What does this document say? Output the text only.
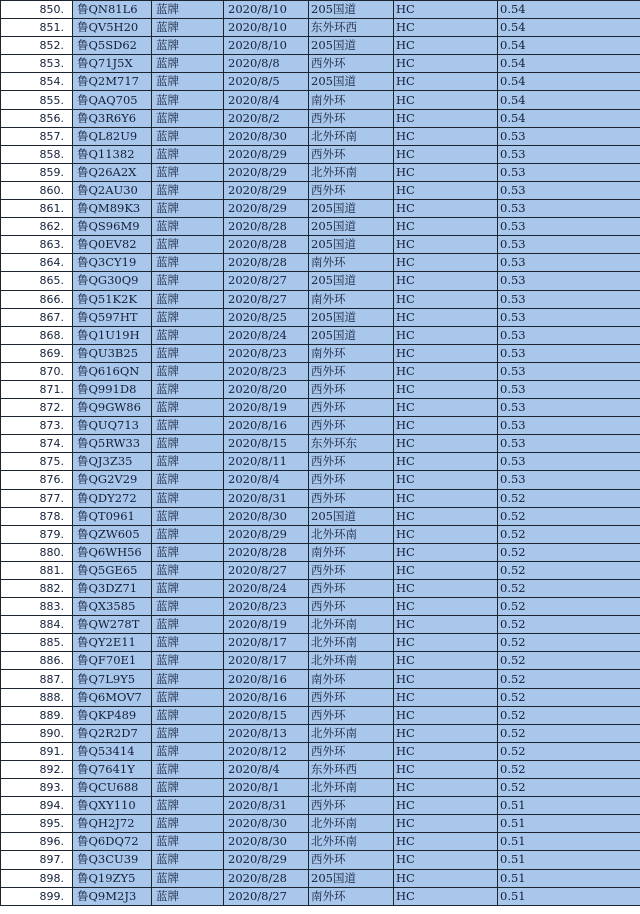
850.	鲁QN81L6	蓝牌	2020/8/10	205国道	HC	0.54
851.	鲁QV5H20	蓝牌	2020/8/10	东外环西	HC	0.54
852.	鲁Q5SD62	蓝牌	2020/8/10	205国道	HC	0.54
853.	鲁Q71J5X	蓝牌	2020/8/8	西外环	HC	0.54
854.	鲁Q2M717	蓝牌	2020/8/5	205国道	HC	0.54
855.	鲁QAQ705	蓝牌	2020/8/4	南外环	HC	0.54
856.	鲁Q3R6Y6	蓝牌	2020/8/2	西外环	HC	0.54
857.	鲁QL82U9	蓝牌	2020/8/30	北外环南	HC	0.53
858.	鲁Q11382	蓝牌	2020/8/29	西外环	HC	0.53
859.	鲁Q26A2X	蓝牌	2020/8/29	北外环南	HC	0.53
860.	鲁Q2AU30	蓝牌	2020/8/29	西外环	HC	0.53
861.	鲁QM89K3	蓝牌	2020/8/29	205国道	HC	0.53
862.	鲁QS96M9	蓝牌	2020/8/28	205国道	HC	0.53
863.	鲁Q0EV82	蓝牌	2020/8/28	205国道	HC	0.53
864.	鲁Q3CY19	蓝牌	2020/8/28	南外环	HC	0.53
865.	鲁QG30Q9	蓝牌	2020/8/27	205国道	HC	0.53
866.	鲁Q51K2K	蓝牌	2020/8/27	南外环	HC	0.53
867.	鲁Q597HT	蓝牌	2020/8/25	205国道	HC	0.53
868.	鲁Q1U19H	蓝牌	2020/8/24	205国道	HC	0.53
869.	鲁QU3B25	蓝牌	2020/8/23	南外环	HC	0.53
870.	鲁Q616QN	蓝牌	2020/8/23	西外环	HC	0.53
871.	鲁Q991D8	蓝牌	2020/8/20	西外环	HC	0.53
872.	鲁Q9GW86	蓝牌	2020/8/19	西外环	HC	0.53
873.	鲁QUQ713	蓝牌	2020/8/16	西外环	HC	0.53
874.	鲁Q5RW33	蓝牌	2020/8/15	东外环东	HC	0.53
875.	鲁QJ3Z35	蓝牌	2020/8/11	西外环	HC	0.53
876.	鲁QG2V29	蓝牌	2020/8/4	西外环	HC	0.53
877.	鲁QDY272	蓝牌	2020/8/31	西外环	HC	0.52
878.	鲁QT0961	蓝牌	2020/8/30	205国道	HC	0.52
879.	鲁QZW605	蓝牌	2020/8/29	北外环南	HC	0.52
880.	鲁Q6WH56	蓝牌	2020/8/28	南外环	HC	0.52
881.	鲁Q5GE65	蓝牌	2020/8/27	西外环	HC	0.52
882.	鲁Q3DZ71	蓝牌	2020/8/24	西外环	HC	0.52
883.	鲁QX3585	蓝牌	2020/8/23	西外环	HC	0.52
884.	鲁QW278T	蓝牌	2020/8/19	北外环南	HC	0.52
885.	鲁QY2E11	蓝牌	2020/8/17	北外环南	HC	0.52
886.	鲁QF70E1	蓝牌	2020/8/17	北外环南	HC	0.52
887.	鲁Q7L9Y5	蓝牌	2020/8/16	南外环	HC	0.52
888.	鲁Q6MOV7	蓝牌	2020/8/16	西外环	HC	0.52
889.	鲁QKP489	蓝牌	2020/8/15	西外环	HC	0.52
890.	鲁Q2R2D7	蓝牌	2020/8/13	北外环南	HC	0.52
891.	鲁Q53414	蓝牌	2020/8/12	西外环	HC	0.52
892.	鲁Q7641Y	蓝牌	2020/8/4	东外环西	HC	0.52
893.	鲁QCU688	蓝牌	2020/8/1	北外环南	HC	0.52
894.	鲁QXY110	蓝牌	2020/8/31	西外环	HC	0.51
895.	鲁QH2J72	蓝牌	2020/8/30	北外环南	HC	0.51
896.	鲁Q6DQ72	蓝牌	2020/8/30	北外环南	HC	0.51
897.	鲁Q3CU39	蓝牌	2020/8/29	西外环	HC	0.51
898.	鲁Q19ZY5	蓝牌	2020/8/28	205国道	HC	0.51
899.	鲁Q9M2J3	蓝牌	2020/8/27	南外环	HC	0.51
